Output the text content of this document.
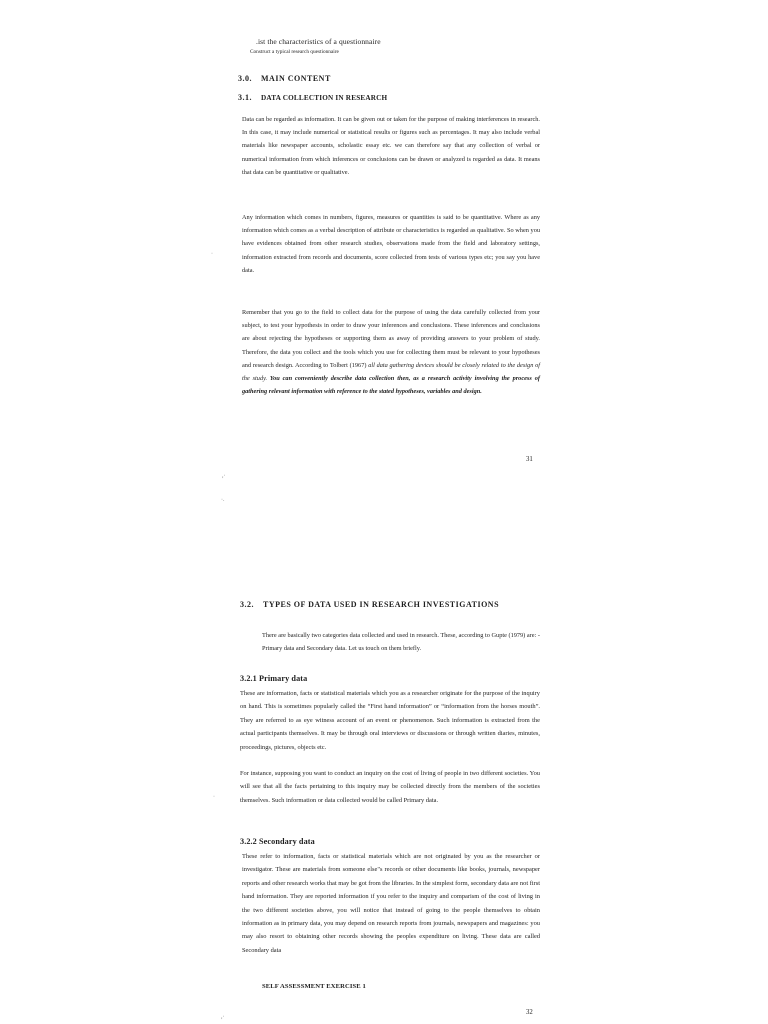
.ist the characteristics of a questionnaire
Construct a typical research questionnaire
3.0. MAIN CONTENT
3.1. DATA COLLECTION IN RESEARCH

Data can be regarded as information. It can be given out or taken for the purpose of making interferences in research. In this case, it may include numerical or statistical results or figures such as percentages. It may also include verbal materials like newspaper accounts, scholastic essay etc. we can therefore say that any collection of verbal or numerical information from which inferences or conclusions can be drawn or analyzed is regarded as data. It means that data can be quantitative or qualitative.

Any information which comes in numbers, figures, measures or quantities is said to be quantitative. Where as any information which comes as a verbal description of attribute or characteristics is regarded as qualitative. So when you have evidences obtained from other research studies, observations made from the field and laboratory settings, information extracted from records and documents, score collected from tests of various types etc; you say you have data.

Remember that you go to the field to collect data for the purpose of using the data carefully collected from your subject, to test your hypothesis in order to draw your inferences and conclusions. These inferences and conclusions are about rejecting the hypotheses or supporting them as away of providing answers to your problem of study. Therefore, the data you collect and the tools which you use for collecting them must be relevant to your hypotheses and research design. According to Tolbert (1967) all data gathering devices should be closely related to the design of the study. You can conveniently describe data collection then, as a research activity involving the process of gathering relevant information with reference to the stated hypotheses, variables and design.

31
·
,·
·.
·
,·
3.2. TYPES OF DATA USED IN RESEARCH INVESTIGATIONS

There are basically two categories data collected and used in research. These, according to Gupte (1979) are: - Primary data and Secondary data. Let us touch on them briefly.

3.2.1 Primary data

These are information, facts or statistical materials which you as a researcher originate for the purpose of the inquiry on hand. This is sometimes popularly called the “First hand information” or “information from the horses mouth”. They are referred to as eye witness account of an event or phenomenon. Such information is extracted from the actual participants themselves. It may be through oral interviews or discussions or through written diaries, minutes, proceedings, pictures, objects etc.

For instance, supposing you want to conduct an inquiry on the cost of living of people in two different societies. You will see that all the facts pertaining to this inquiry may be collected directly from the members of the societies themselves. Such information or data collected would be called Primary data.

3.2.2 Secondary data

These refer to information, facts or statistical materials which are not originated by you as the researcher or investigator. These are materials from someone else"s records or other documents like books, journals, newspaper reports and other research works that may be got from the libraries. In the simplest form, secondary data are not first hand information. They are reported information if you refer to the inquiry and comparism of the cost of living in the two different societies above, you will notice that instead of going to the people themselves to obtain information as in primary data, you may depend on research reports from journals, newspapers and magazines: you may also resort to obtaining other records showing the peoples expenditure on living. These data are called Secondary data

SELF ASSESSMENT EXERCISE 1
32
